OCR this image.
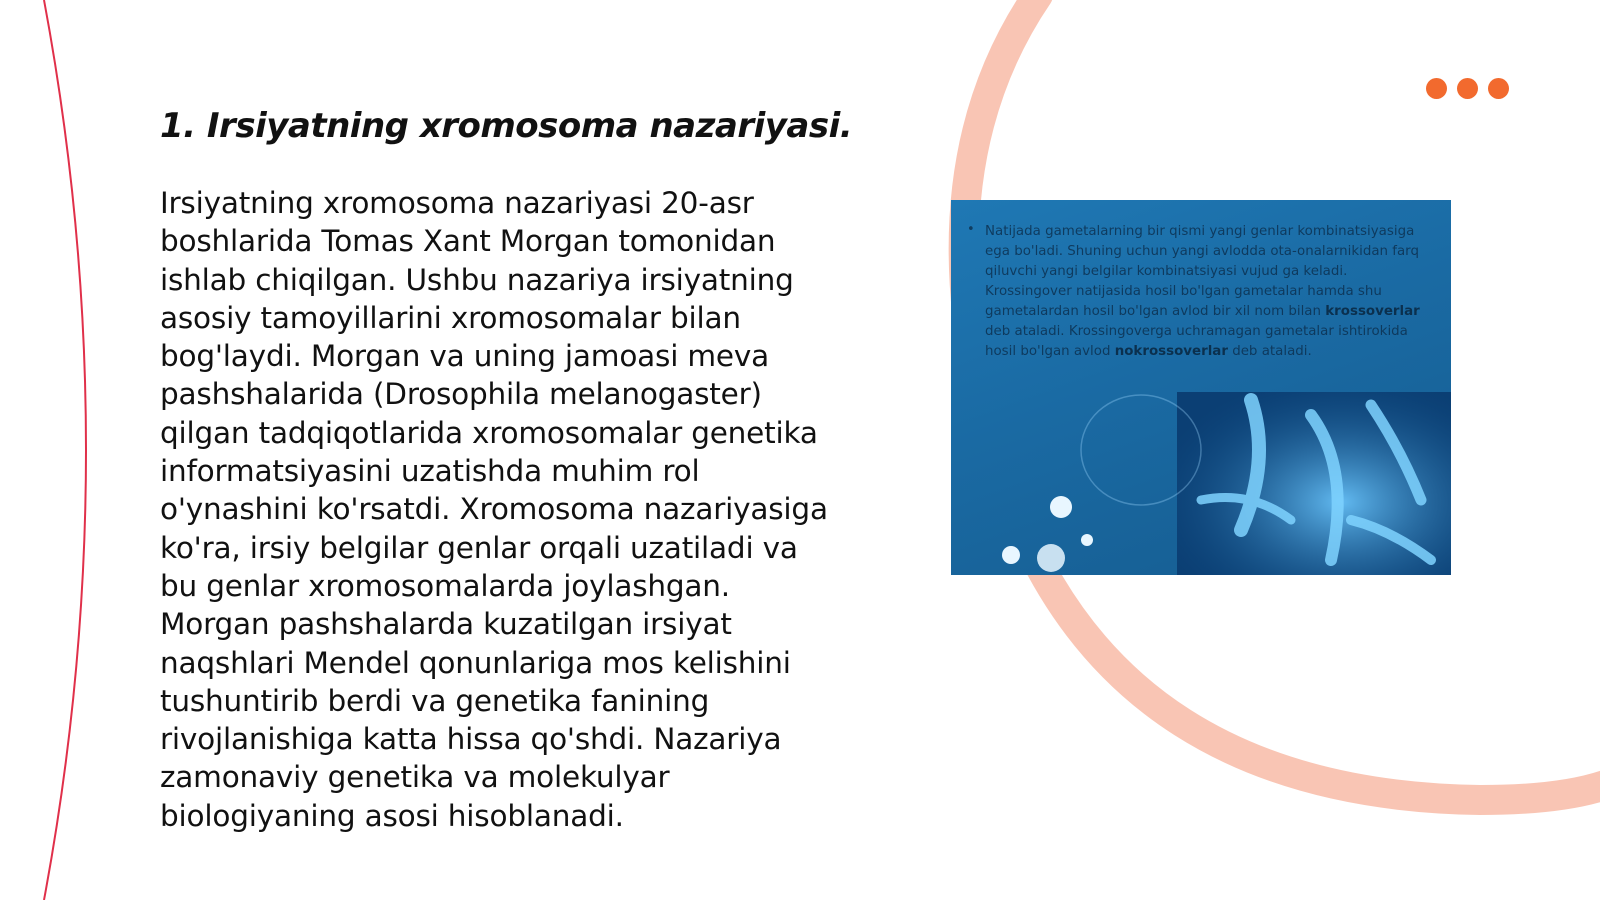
1. Irsiyatning xromosoma nazariyasi.

Irsiyatning xromosoma nazariyasi 20-asr boshlarida Tomas Xant Morgan tomonidan ishlab chiqilgan. Ushbu nazariya irsiyatning asosiy tamoyillarini xromosomalar bilan bog'laydi. Morgan va uning jamoasi meva pashshalarida (Drosophila melanogaster) qilgan tadqiqotlarida xromosomalar genetika informatsiyasini uzatishda muhim rol o'ynashini ko'rsatdi. Xromosoma nazariyasiga ko'ra, irsiy belgilar genlar orqali uzatiladi va bu genlar xromosomalarda joylashgan. Morgan pashshalarda kuzatilgan irsiyat naqshlari Mendel qonunlariga mos kelishini tushuntirib berdi va genetika fanining rivojlanishiga katta hissa qo'shdi. Nazariya zamonaviy genetika va molekulyar biologiyaning asosi hisoblanadi.

• Natijada gametalarning bir qismi yangi genlar kombinatsiyasiga ega bo'ladi. Shuning uchun yangi avlodda ota-onalarnikidan farq qiluvchi yangi belgilar kombinatsiyasi vujud ga keladi. Krossingover natijasida hosil bo'lgan gametalar hamda shu gametalardan hosil bo'lgan avlod bir xil nom bilan krossoverlar deb ataladi. Krossingoverga uchramagan gametalar ishtirokida hosil bo'lgan avlod nokrossoverlar deb ataladi.
